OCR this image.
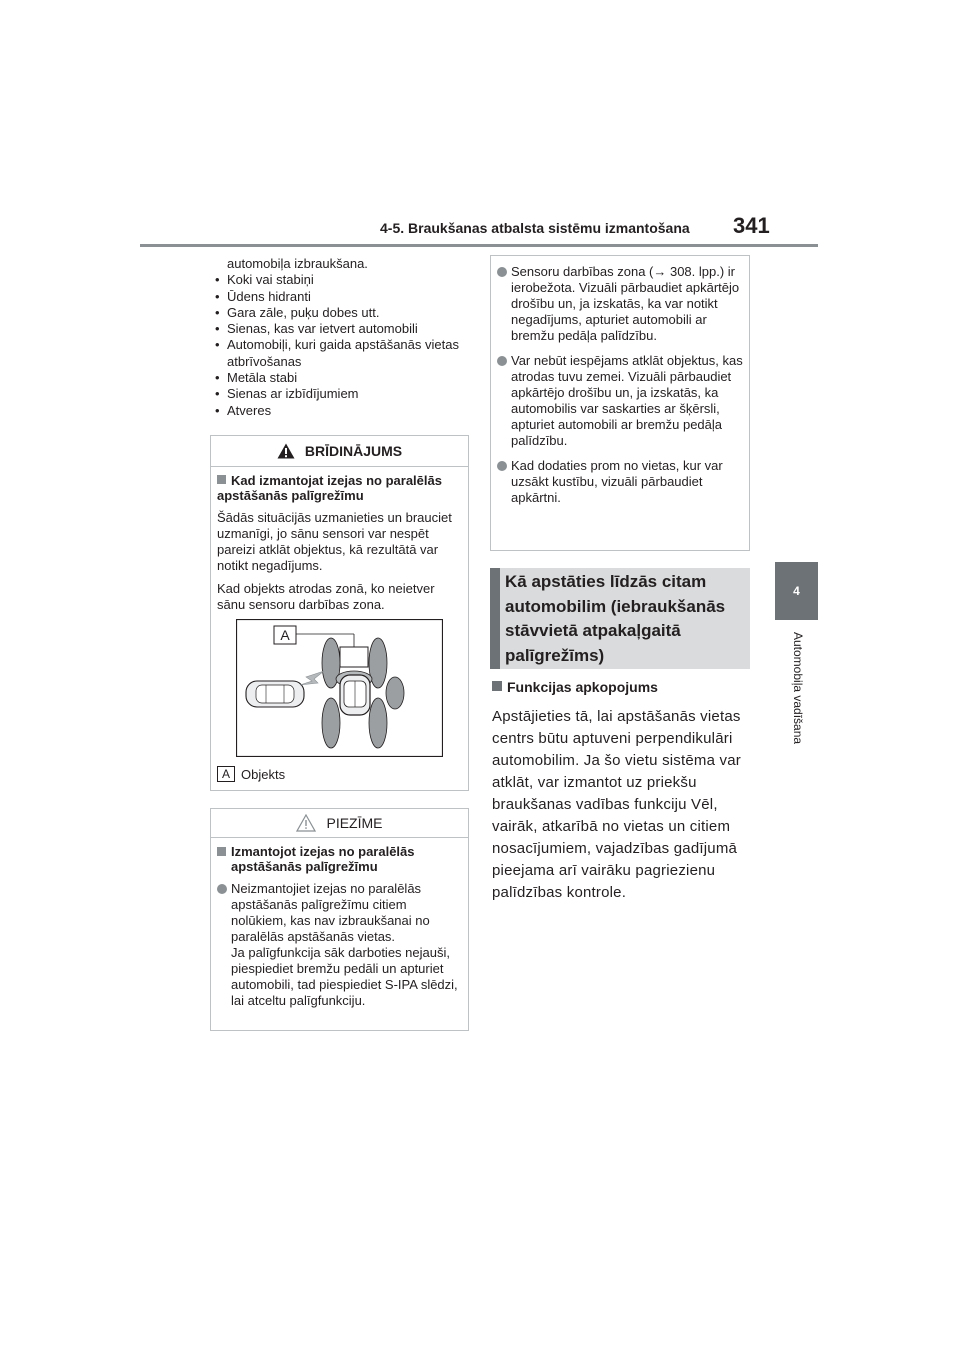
4-5. Braukšanas atbalsta sistēmu izmantošana 341
4
Automobiļa vadīšana
automobiļa izbraukšana.
• Koki vai stabiņi
• Ūdens hidranti
• Gara zāle, puķu dobes utt.
• Sienas, kas var ietvert automobili
• Automobiļi, kuri gaida apstāšanās vietas atbrīvošanas
• Metāla stabi
• Sienas ar izbīdījumiem
• Atveres
BRĪDINĀJUMS
Kad izmantojat izejas no paralēlās apstāšanās palīgrežīmu
Šādās situācijās uzmanieties un brauciet uzmanīgi, jo sānu sensori var nespēt pareizi atklāt objektus, kā rezultātā var notikt negadījums.
Kad objekts atrodas zonā, ko neietver sānu sensoru darbības zona.
A
A Objekts
PIEZĪME
Izmantojot izejas no paralēlās apstāšanās palīgrežīmu
Neizmantojiet izejas no paralēlās apstāšanās palīgrežīmu citiem nolūkiem, kas nav izbraukšanai no paralēlās apstāšanās vietas.
Ja palīgfunkcija sāk darboties nejauši, piespiediet bremžu pedāli un apturiet automobili, tad piespiediet S-IPA slēdzi, lai atceltu palīgfunkciju.
Sensoru darbības zona (→ 308. lpp.) ir ierobežota. Vizuāli pārbaudiet apkārtējo drošību un, ja izskatās, ka var notikt negadījums, apturiet automobili ar bremžu pedāļa palīdzību.
Var nebūt iespējams atklāt objektus, kas atrodas tuvu zemei. Vizuāli pārbaudiet apkārtējo drošību un, ja izskatās, ka automobilis var saskarties ar šķērsli, apturiet automobili ar bremžu pedāļa palīdzību.
Kad dodaties prom no vietas, kur var uzsākt kustību, vizuāli pārbaudiet apkārtni.
Kā apstāties līdzās citam automobilim (iebraukšanās stāvvietā atpakaļgaitā palīgrežīms)
Funkcijas apkopojums
Apstājieties tā, lai apstāšanās vietas centrs būtu aptuveni perpendikulāri automobilim. Ja šo vietu sistēma var atklāt, var izmantot uz priekšu braukšanas vadības funkciju Vēl, vairāk, atkarībā no vietas un citiem nosacījumiem, vajadzības gadījumā pieejama arī vairāku pagriezienu palīdzības kontrole.
